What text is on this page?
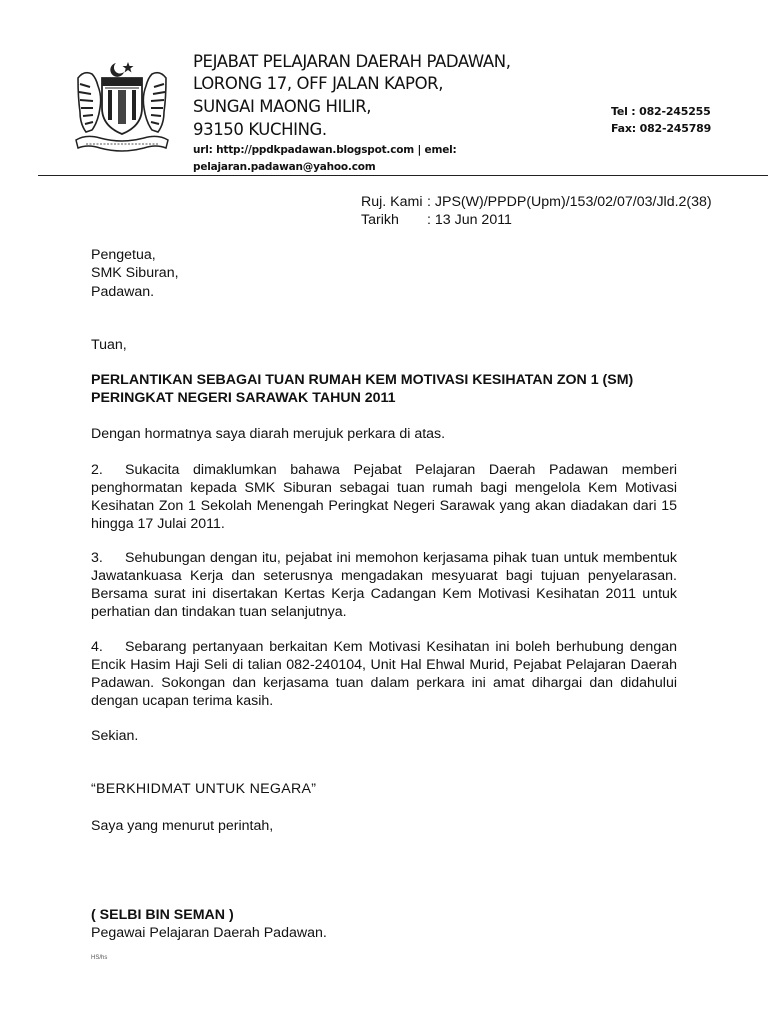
PEJABAT PELAJARAN DAERAH PADAWAN,
LORONG 17, OFF JALAN KAPOR,
SUNGAI MAONG HILIR,
93150 KUCHING.
url: http://ppdkpadawan.blogspot.com | emel:
pelajaran.padawan@yahoo.com
Tel : 082-245255
Fax: 082-245789
Ruj. Kami	: JPS(W)/PPDP(Upm)/153/02/07/03/Jld.2(38)
Tarikh	: 13 Jun 2011
Pengetua,
SMK Siburan,
Padawan.
Tuan,
PERLANTIKAN SEBAGAI TUAN RUMAH KEM MOTIVASI KESIHATAN ZON 1 (SM)
PERINGKAT NEGERI SARAWAK TAHUN 2011
Dengan hormatnya saya diarah merujuk perkara di atas.
2. Sukacita dimaklumkan bahawa Pejabat Pelajaran Daerah Padawan memberi penghormatan kepada SMK Siburan sebagai tuan rumah bagi mengelola Kem Motivasi Kesihatan Zon 1 Sekolah Menengah Peringkat Negeri Sarawak yang akan diadakan dari 15 hingga 17 Julai 2011.
3. Sehubungan dengan itu, pejabat ini memohon kerjasama pihak tuan untuk membentuk Jawatankuasa Kerja dan seterusnya mengadakan mesyuarat bagi tujuan penyelarasan. Bersama surat ini disertakan Kertas Kerja Cadangan Kem Motivasi Kesihatan 2011 untuk perhatian dan tindakan tuan selanjutnya.
4. Sebarang pertanyaan berkaitan Kem Motivasi Kesihatan ini boleh berhubung dengan Encik Hasim Haji Seli di talian 082-240104, Unit Hal Ehwal Murid, Pejabat Pelajaran Daerah Padawan. Sokongan dan kerjasama tuan dalam perkara ini amat dihargai dan didahului dengan ucapan terima kasih.
Sekian.
“BERKHIDMAT UNTUK NEGARA”
Saya yang menurut perintah,
( SELBI BIN SEMAN )
Pegawai Pelajaran Daerah Padawan.
HS/hs
